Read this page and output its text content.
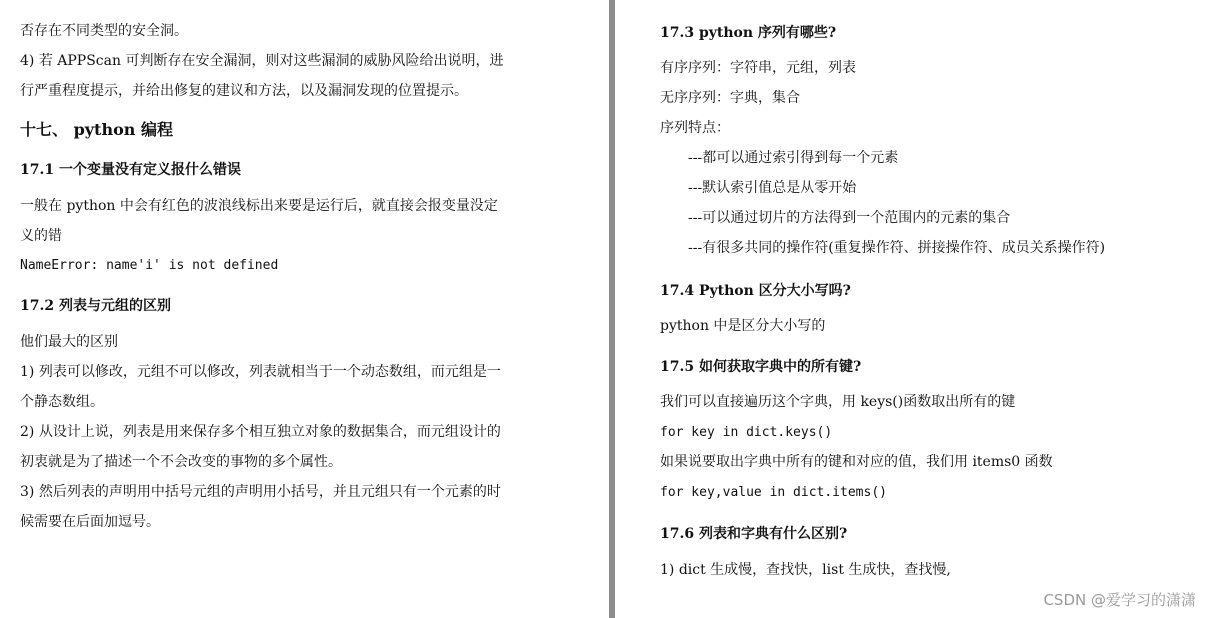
否存在不同类型的安全洞。
4) 若 APPScan 可判断存在安全漏洞，则对这些漏洞的威胁风险给出说明，进
行严重程度提示，并给出修复的建议和方法，以及漏洞发现的位置提示。
十七、 python 编程
17.1 一个变量没有定义报什么错误
一般在 python 中会有红色的波浪线标出来要是运行后，就直接会报变量没定
义的错
NameError: name'i' is not defined
17.2 列表与元组的区别
他们最大的区别
1) 列表可以修改，元组不可以修改，列表就相当于一个动态数组，而元组是一
个静态数组。
2) 从设计上说，列表是用来保存多个相互独立对象的数据集合，而元组设计的
初衷就是为了描述一个不会改变的事物的多个属性。
3) 然后列表的声明用中括号元组的声明用小括号，并且元组只有一个元素的时
候需要在后面加逗号。
17.3 python 序列有哪些?
有序序列：字符串，元组，列表
无序序列：字典，集合
序列特点：
---都可以通过索引得到每一个元素
---默认索引值总是从零开始
---可以通过切片的方法得到一个范围内的元素的集合
---有很多共同的操作符(重复操作符、拼接操作符、成员关系操作符)
17.4 Python 区分大小写吗?
python 中是区分大小写的
17.5 如何获取字典中的所有键?
我们可以直接遍历这个字典，用 keys()函数取出所有的键
for key in dict.keys()
如果说要取出字典中所有的键和对应的值，我们用 items0 函数
for key,value in dict.items()
17.6 列表和字典有什么区别?
1) dict 生成慢，查找快，list 生成快，查找慢,
CSDN @爱学习的潇潇
